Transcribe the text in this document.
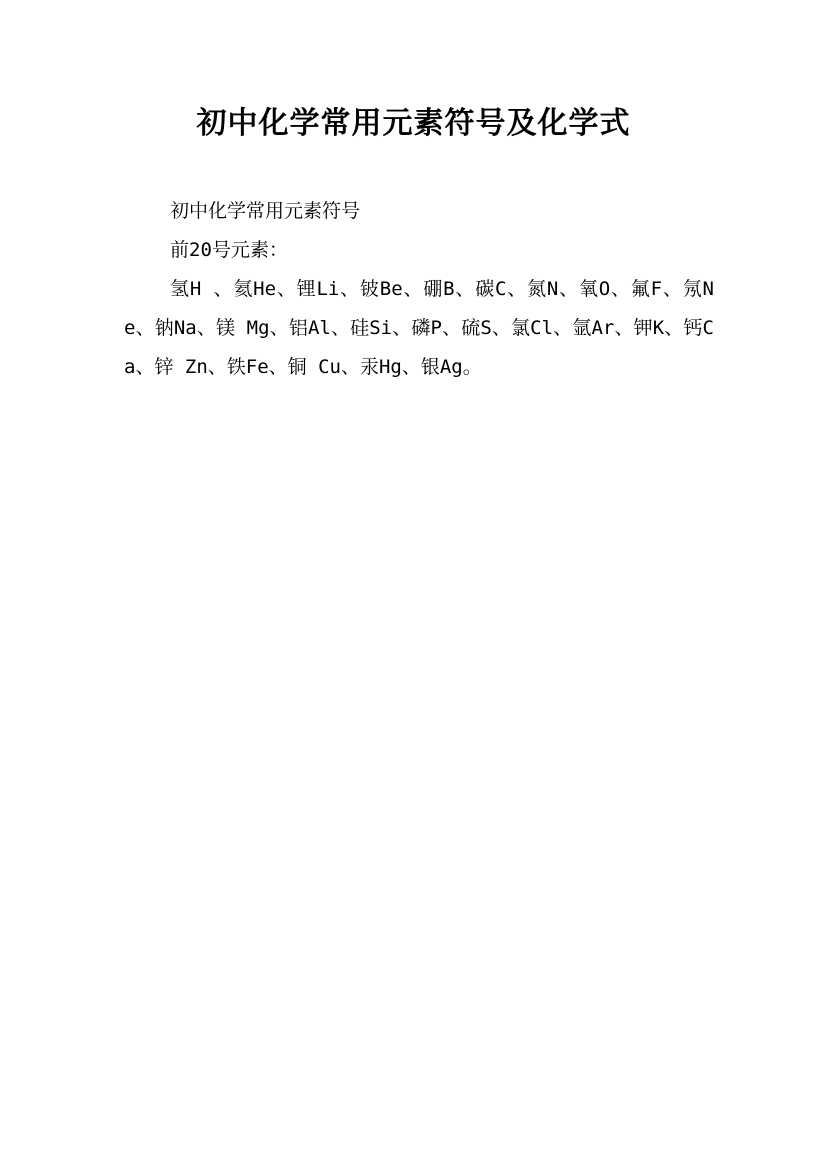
初中化学常用元素符号及化学式

初中化学常用元素符号

前20号元素：

氢H 、氦He、锂Li、铍Be、硼B、碳C、氮N、氧O、氟F、氖Ne、钠Na、镁 Mg、铝Al、硅Si、磷P、硫S、氯Cl、氩Ar、钾K、钙Ca、锌 Zn、铁Fe、铜 Cu、汞Hg、银Ag。
